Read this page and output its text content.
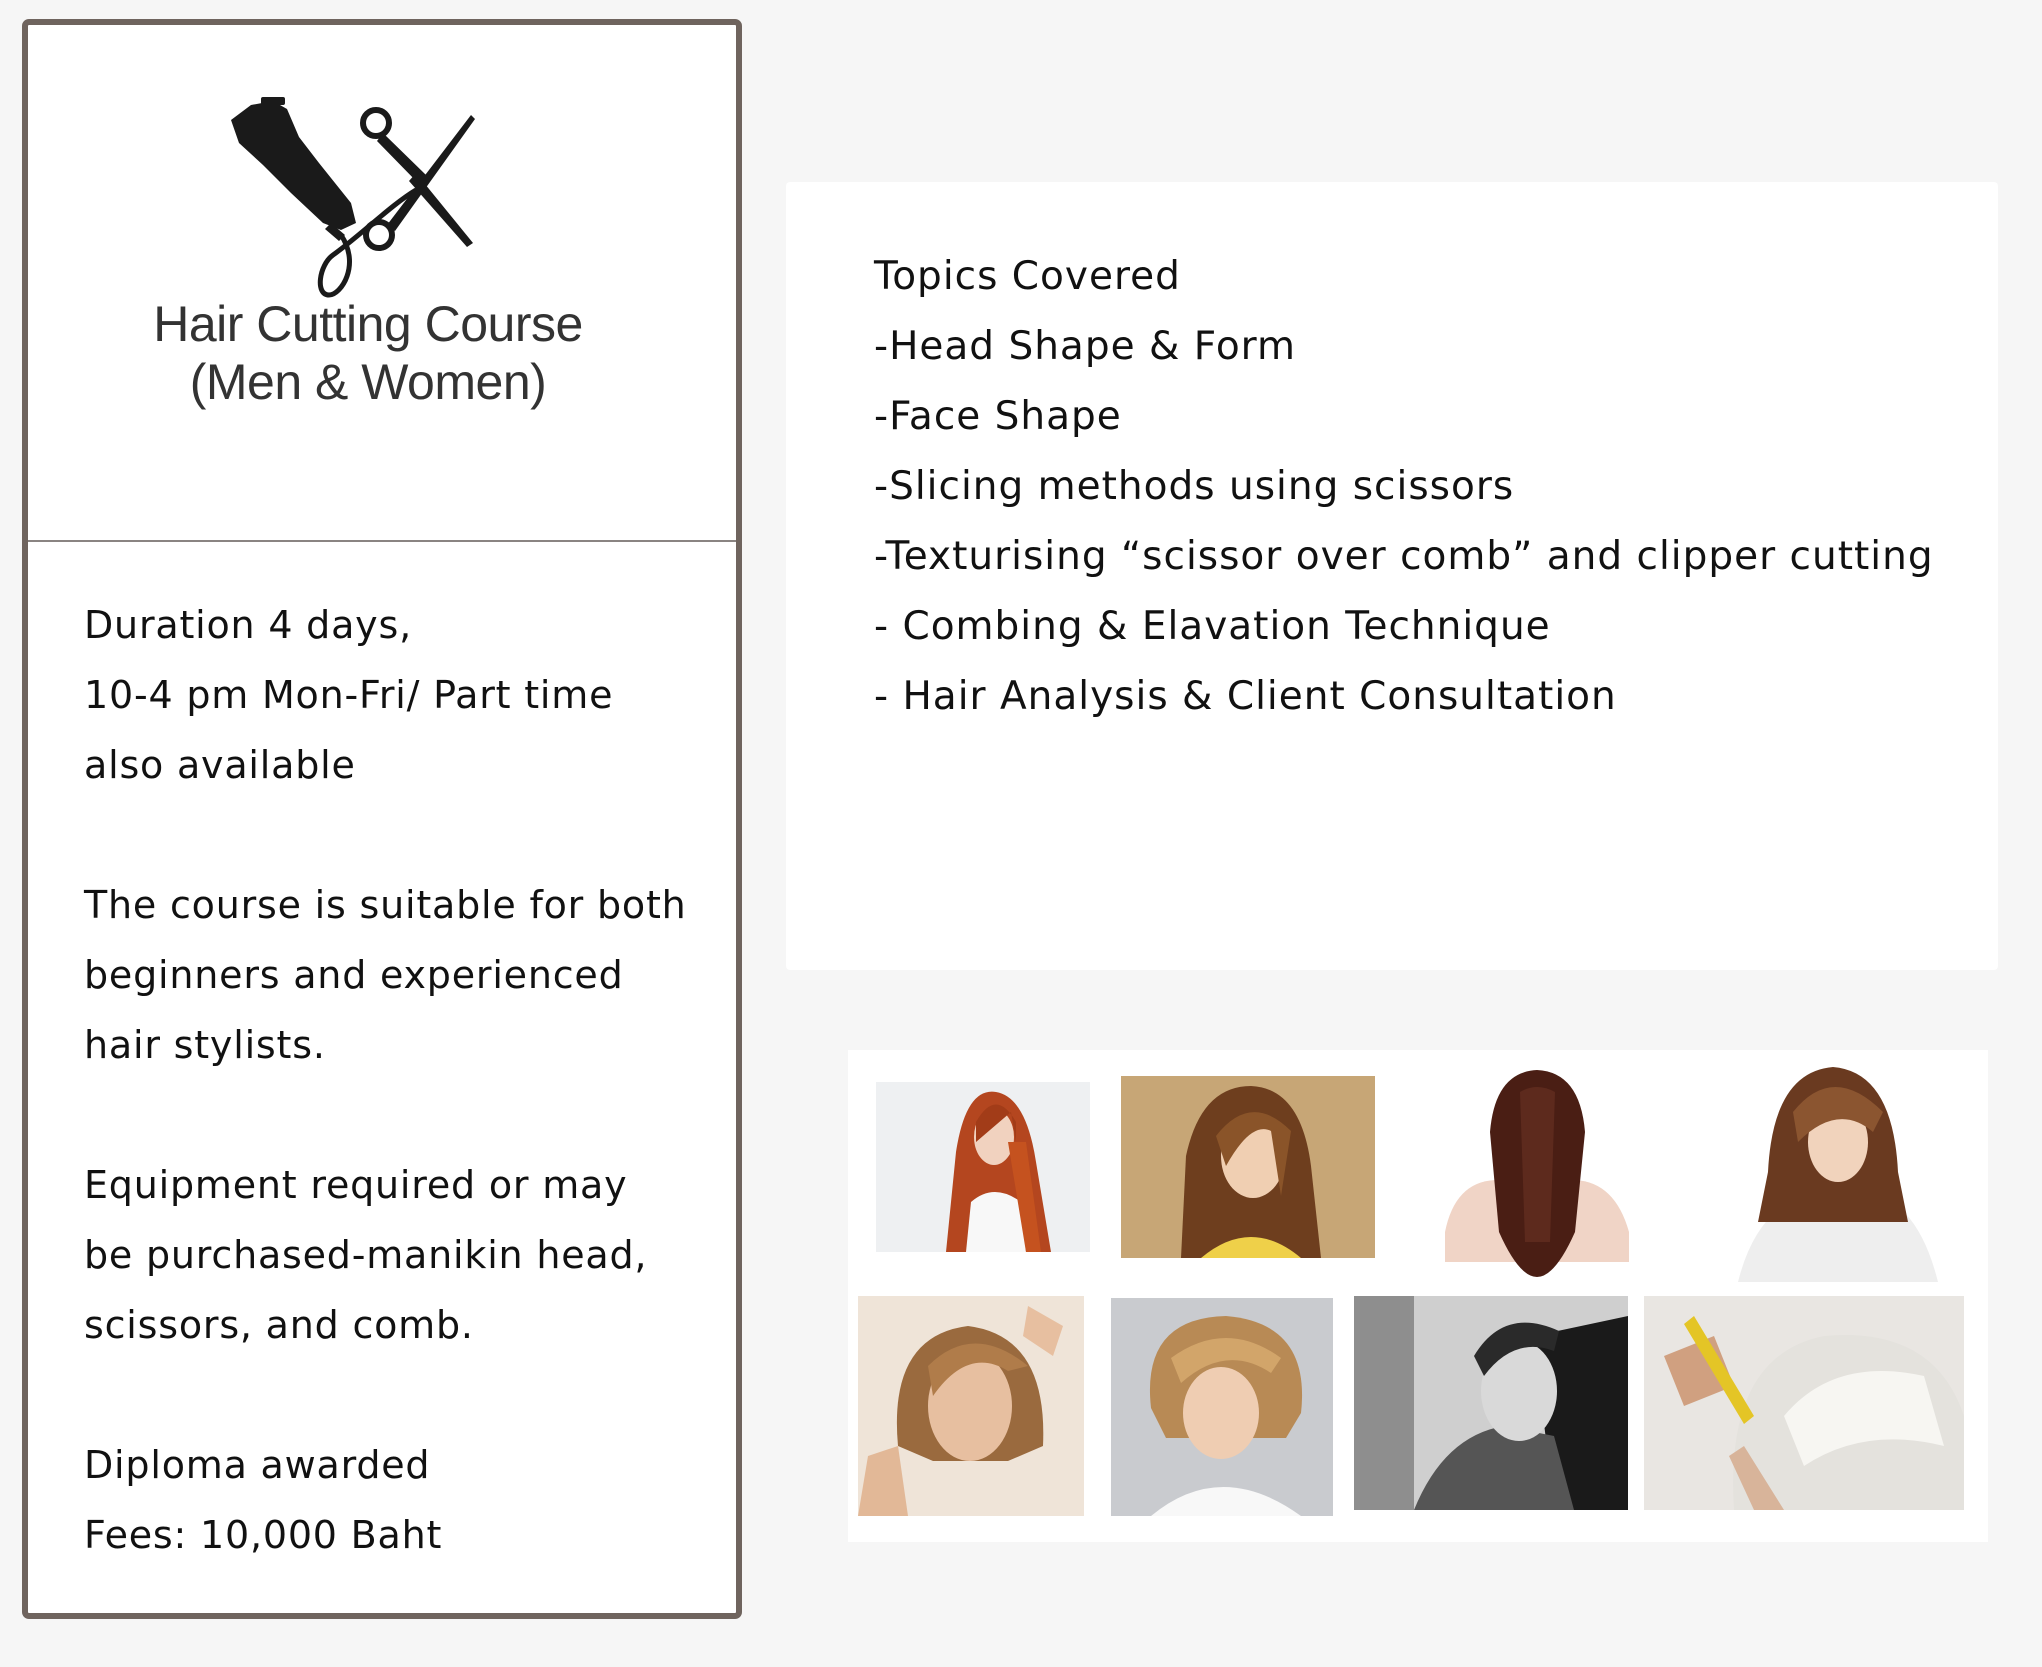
Hair Cutting Course
(Men & Women)

Duration 4 days,

10-4 pm Mon-Fri/ Part time

also available

The course is suitable for both

beginners and experienced

hair stylists.

Equipment required or may

be purchased-manikin head,

scissors, and comb.

Diploma awarded

Fees: 10,000 Baht

Topics Covered

-Head Shape & Form

-Face Shape

-Slicing methods using scissors

-Texturising “scissor over comb” and clipper cutting

- Combing & Elavation Technique

- Hair Analysis & Client Consultation
